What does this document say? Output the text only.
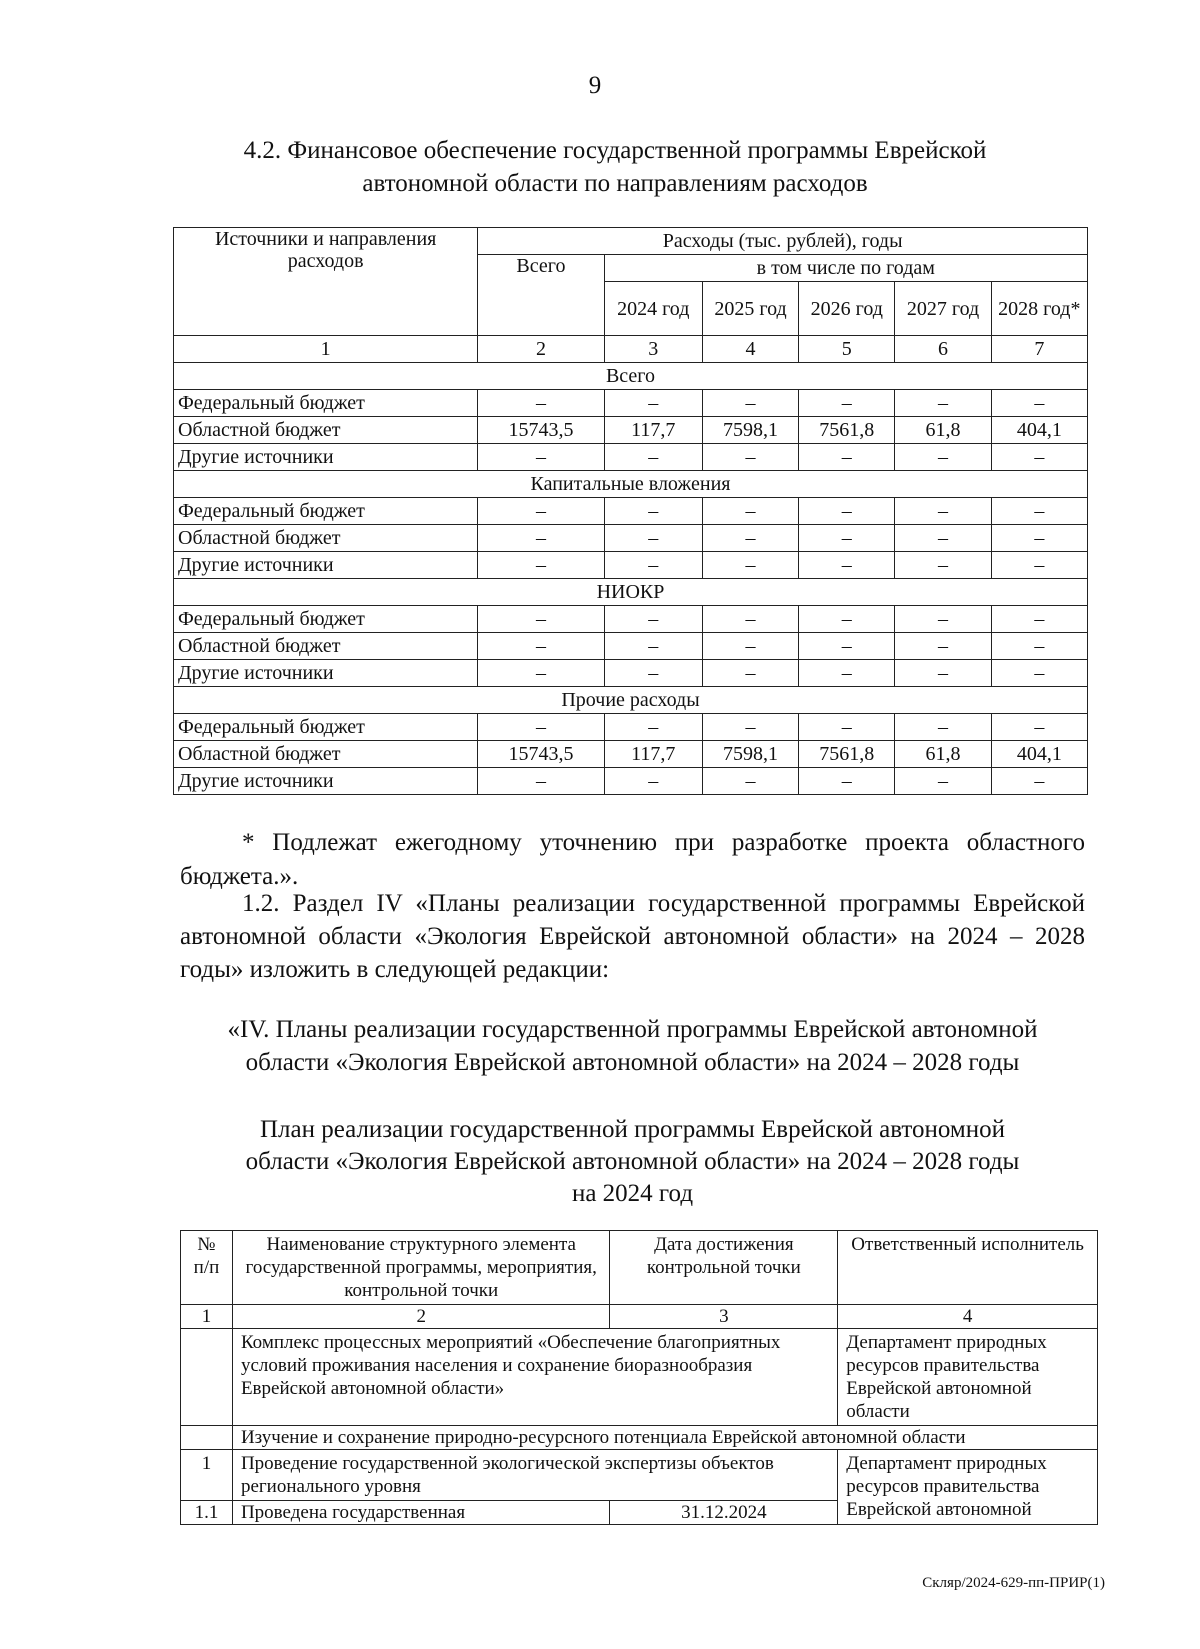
9
4.2. Финансовое обеспечение государственной программы Еврейской
автономной области по направлениям расходов
Источники и направления расходов	Расходы (тыс. рублей), годы					
	Всего	в том числе по годам				
		2024 год	2025 год	2026 год	2027 год	2028 год*
1	2	3	4	5	6	7
Всего						
Федеральный бюджет	–	–	–	–	–	–
Областной бюджет	15743,5	117,7	7598,1	7561,8	61,8	404,1
Другие источники	–	–	–	–	–	–
Капитальные вложения						
Федеральный бюджет	–	–	–	–	–	–
Областной бюджет	–	–	–	–	–	–
Другие источники	–	–	–	–	–	–
НИОКР						
Федеральный бюджет	–	–	–	–	–	–
Областной бюджет	–	–	–	–	–	–
Другие источники	–	–	–	–	–	–
Прочие расходы						
Федеральный бюджет	–	–	–	–	–	–
Областной бюджет	15743,5	117,7	7598,1	7561,8	61,8	404,1
Другие источники	–	–	–	–	–	–
* Подлежат ежегодному уточнению при разработке проекта областного бюджета.».
1.2. Раздел IV «Планы реализации государственной программы Еврейской автономной области «Экология Еврейской автономной области» на 2024 – 2028 годы» изложить в следующей редакции:
«IV. Планы реализации государственной программы Еврейской автономной
области «Экология Еврейской автономной области» на 2024 – 2028 годы
План реализации государственной программы Еврейской автономной
области «Экология Еврейской автономной области» на 2024 – 2028 годы
на 2024 год
№ п/п	Наименование структурного элемента государственной программы, мероприятия, контрольной точки	Дата достижения контрольной точки	Ответственный исполнитель
1	2	3	4
	Комплекс процессных мероприятий «Обеспечение благоприятных условий проживания населения и сохранение биоразнообразия Еврейской автономной области»		Департамент природных ресурсов правительства Еврейской автономной области
	Изучение и сохранение природно-ресурсного потенциала Еврейской автономной области		
1	Проведение государственной экологической экспертизы объектов регионального уровня		Департамент природных ресурсов правительства Еврейской автономной
1.1	Проведена государственная	31.12.2024	
Скляр/2024-629-пп-ПРИР(1)
